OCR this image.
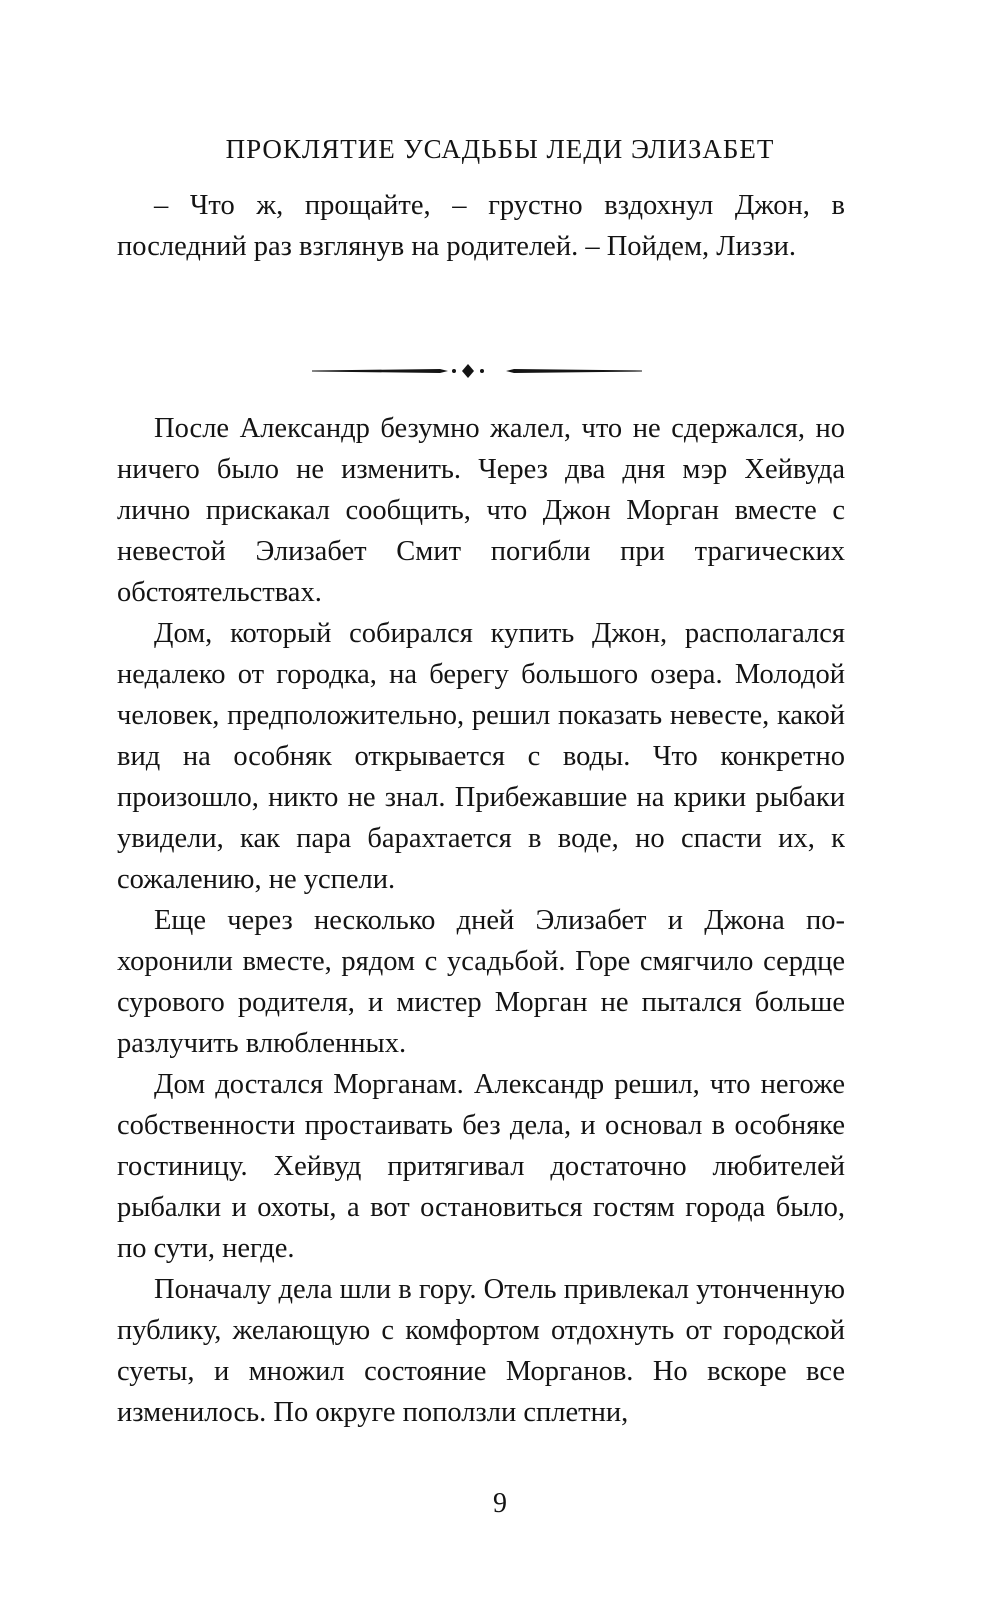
ПРОКЛЯТИЕ УСАДЬБЫ ЛЕДИ ЭЛИЗАБЕТ

– Что ж, прощайте, – грустно вздохнул Джон, в последний раз взглянув на родителей. – Пойдем, Лиззи.

После Александр безумно жалел, что не сдержался, но ничего было не изменить. Через два дня мэр Хейвуда лично прискакал сообщить, что Джон Морган вместе с невестой Элизабет Смит погибли при трагических обстоятельствах.

Дом, который собирался купить Джон, располагался недалеко от городка, на берегу большого озера. Молодой человек, предположительно, решил показать невесте, какой вид на особняк открывается с воды. Что конкретно произошло, никто не знал. Прибежавшие на крики рыбаки увидели, как пара барахтается в воде, но спасти их, к сожалению, не успели.

Еще через несколько дней Элизабет и Джона похоронили вместе, рядом с усадьбой. Горе смягчило сердце сурового родителя, и мистер Морган не пытался больше разлучить влюбленных.

Дом достался Морганам. Александр решил, что негоже собственности простаивать без дела, и основал в особняке гостиницу. Хейвуд притягивал достаточно любителей рыбалки и охоты, а вот остановиться гостям города было, по сути, негде.

Поначалу дела шли в гору. Отель привлекал утонченную публику, желающую с комфортом отдохнуть от городской суеты, и множил состояние Морганов. Но вскоре все изменилось. По округе поползли сплетни,

9
